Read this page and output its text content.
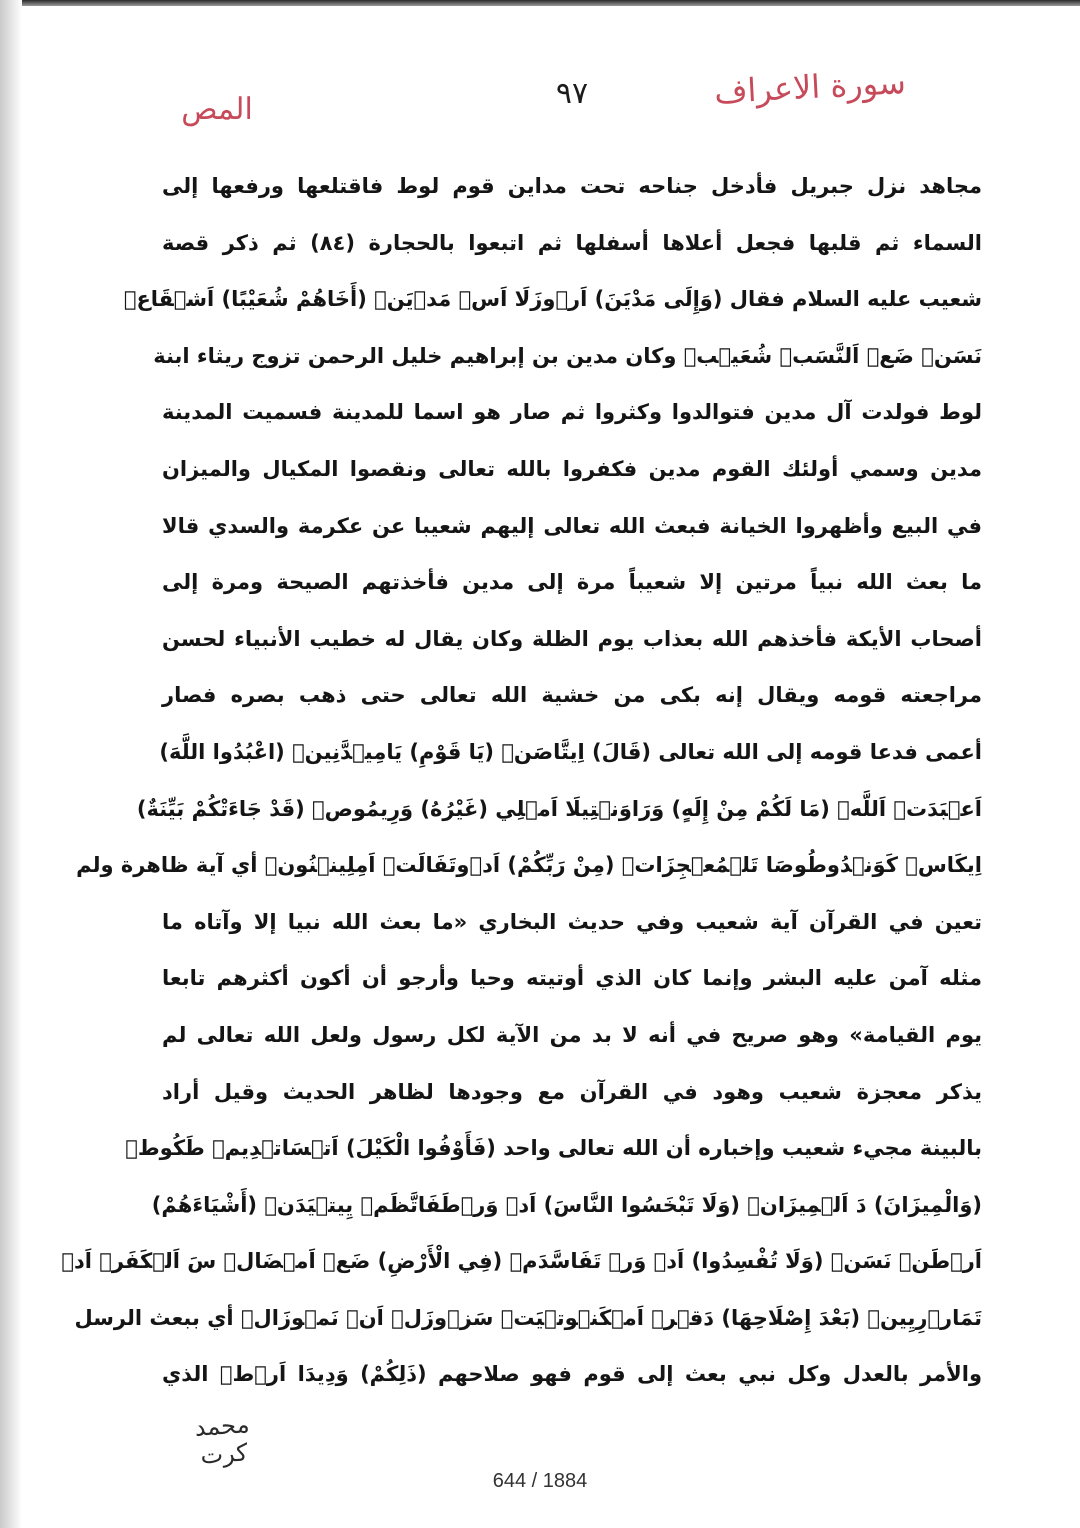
٩٧	سورة الاعراف
المص
مجاهد نزل جبريل فأدخل جناحه تحت مداين قوم لوط فاقتلعها ورفعها إلى
السماء ثم قلبها فجعل أعلاها أسفلها ثم اتبعوا بالحجارة (٨٤) ثم ذكر قصة
شعيب عليه السلام فقال (وَإِلَى مَدْيَنَ) اَرۡوزَلَا اَسۡ مَدۡيَنۡ (أَخَاهُمْ شُعَيْبًا) اَشۡقَاعۡ
نَسَنۡ ضَعۡ اَلنَّسَبۡ شُعَيۡبۡ وكان مدين بن إبراهيم خليل الرحمن تزوج ريثاء ابنة
لوط فولدت آل مدين فتوالدوا وكثروا ثم صار هو اسما للمدينة فسميت المدينة
مدين وسمي أولئك القوم مدين فكفروا بالله تعالى ونقصوا المكيال والميزان
في البيع وأظهروا الخيانة فبعث الله تعالى إليهم شعيبا عن عكرمة والسدي قالا
ما بعث الله نبياً مرتين إلا شعيباً مرة إلى مدين فأخذتهم الصيحة ومرة إلى
أصحاب الأيكة فأخذهم الله بعذاب يوم الظلة وكان يقال له خطيب الأنبياء لحسن
مراجعته قومه ويقال إنه بكى من خشية الله تعالى حتى ذهب بصره فصار
أعمى فدعا قومه إلى الله تعالى (قَالَ) اِيتَّاصَنۡ (يَا قَوْمِ) يَامِيۡدَّنِينۡ (اعْبُدُوا اللَّهَ)
اَعۡبَدَتۡ اَللَّهۡ (مَا لَكُمْ مِنْ إِلَهٍ) وَرَاوَنۡتِيلَا اَمۡلِي (غَيْرُهُ) وَرِيمُوصۡ (قَدْ جَاءَتْكُمْ بَيِّنَةٌ)
اِيكَاسۡ كَوَنۡدُوطُوصَا تَلۡمُعۡجِزَاتۡ (مِنْ رَبِّكُمْ) اَدۡوتَفَالَتۡ اَمِلِينۡنُونۡ أي آية ظاهرة ولم
تعين في القرآن آية شعيب وفي حديث البخاري «ما بعث الله نبيا إلا وآتاه ما
مثله آمن عليه البشر وإنما كان الذي أوتيته وحيا وأرجو أن أكون أكثرهم تابعا
يوم القيامة» وهو صريح في أنه لا بد من الآية لكل رسول ولعل الله تعالى لم
يذكر معجزة شعيب وهود في القرآن مع وجودها لظاهر الحديث وقيل أراد
بالبينة مجيء شعيب وإخباره أن الله تعالى واحد (فَأَوْفُوا الْكَيْلَ) اَتۡسَاتۡدِيمۡ طَكُوطۡ
(وَالْمِيزَانَ) دَ اَلۡمِيزَانۡ (وَلَا تَبْخَسُوا النَّاسَ) اَدۡ وَرۡطَفَاتَّظَمۡ يِيتۡيَدَنۡ (أَشْيَاءَهُمْ)
اَرۡطَنۡ نَسَنۡ (وَلَا تُفْسِدُوا) اَدۡ وَرۡ تَفَاسَّدَمۡ (فِي الْأَرْضِ) ضَعۡ اَمۡضَالۡ سَ اَلۡكَفَرۡ اَدۡ
تَمَارۡرِيِينۡ (بَعْدَ إِصْلَاحِهَا) دَقۡرۡ اَمۡكَنۡوتۡيَتۡ سَزۡوزَلۡ اَنۡ نَمۡوزَالۡ أي ببعث الرسل
والأمر بالعدل وكل نبي بعث إلى قوم فهو صلاحهم (ذَلِكُمْ) وَدِيدَا اَرۡطۡ الذي
محمد كرت
644 / 1884
